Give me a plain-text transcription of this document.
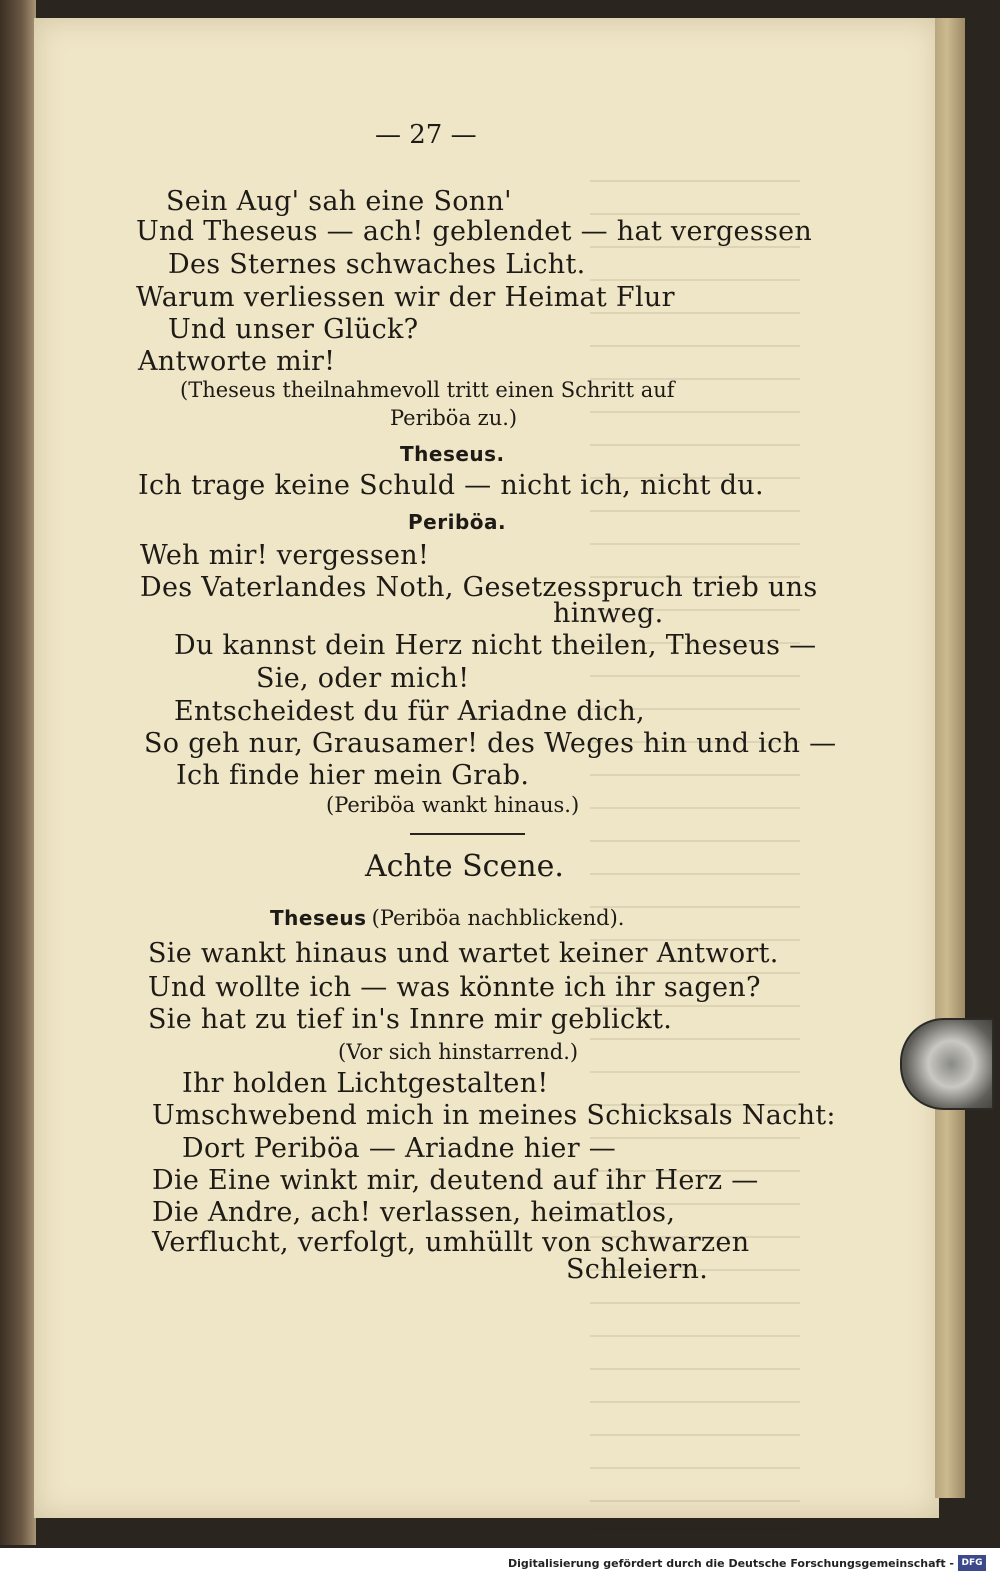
— 27 —
Sein Aug' sah eine Sonn'
Und Theseus — ach! geblendet — hat vergessen
Des Sternes schwaches Licht.
Warum verliessen wir der Heimat Flur
Und unser Glück?
Antworte mir!
(Theseus theilnahmevoll tritt einen Schritt auf
Periböa zu.)
Theseus.
Ich trage keine Schuld — nicht ich, nicht du.
Periböa.
Weh mir! vergessen!
Des Vaterlandes Noth, Gesetzesspruch trieb uns
hinweg.
Du kannst dein Herz nicht theilen, Theseus —
Sie, oder mich!
Entscheidest du für Ariadne dich,
So geh nur, Grausamer! des Weges hin und ich —
Ich finde hier mein Grab.
(Periböa wankt hinaus.)
Achte Scene.
Theseus (Periböa nachblickend).
Sie wankt hinaus und wartet keiner Antwort.
Und wollte ich — was könnte ich ihr sagen?
Sie hat zu tief in's Innre mir geblickt.
(Vor sich hinstarrend.)
Ihr holden Lichtgestalten!
Umschwebend mich in meines Schicksals Nacht:
Dort Periböa — Ariadne hier —
Die Eine winkt mir, deutend auf ihr Herz —
Die Andre, ach! verlassen, heimatlos,
Verflucht, verfolgt, umhüllt von schwarzen
Schleiern.
Digitalisierung gefördert durch die Deutsche Forschungsgemeinschaft - DFG
